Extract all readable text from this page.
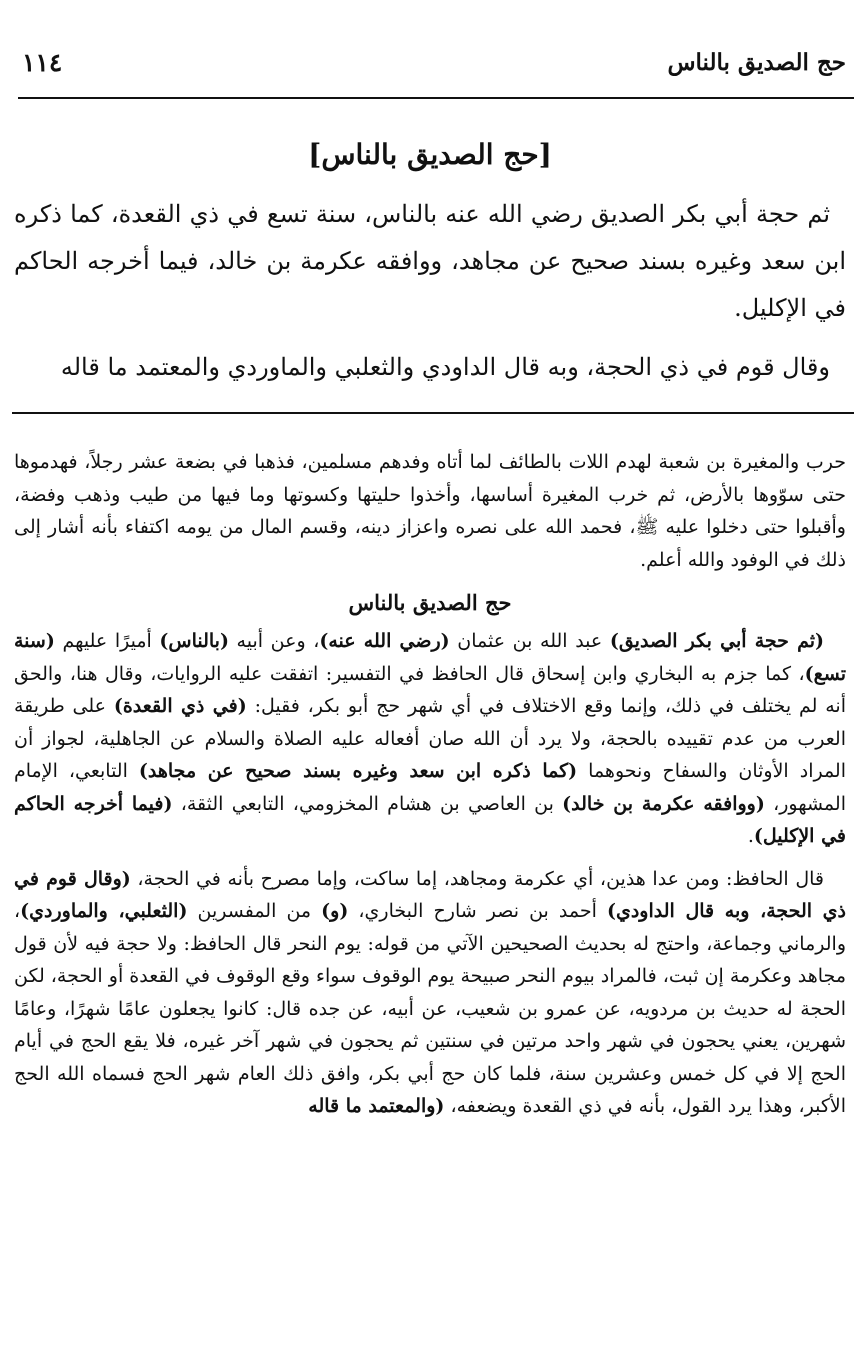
حج الصديق بالناس
١١٤
[حج الصديق بالناس]

ثم حجة أبي بكر الصديق رضي الله عنه بالناس، سنة تسع في ذي القعدة، كما ذكره ابن سعد وغيره بسند صحيح عن مجاهد، ووافقه عكرمة بن خالد، فيما أخرجه الحاكم في الإكليل.

وقال قوم في ذي الحجة، وبه قال الداودي والثعلبي والماوردي والمعتمد ما قاله

حرب والمغيرة بن شعبة لهدم اللات بالطائف لما أتاه وفدهم مسلمين، فذهبا في بضعة عشر رجلاً، فهدموها حتى سوّوها بالأرض، ثم خرب المغيرة أساسها، وأخذوا حليتها وكسوتها وما فيها من طيب وذهب وفضة، وأقبلوا حتى دخلوا عليه ﷺ، فحمد الله على نصره واعزاز دينه، وقسم المال من يومه اكتفاء بأنه أشار إلى ذلك في الوفود والله أعلم.

حج الصديق بالناس

(ثم حجة أبي بكر الصديق) عبد الله بن عثمان (رضي الله عنه)، وعن أبيه (بالناس) أميرًا عليهم (سنة تسع)، كما جزم به البخاري وابن إسحاق قال الحافظ في التفسير: اتفقت عليه الروايات، وقال هنا، والحق أنه لم يختلف في ذلك، وإنما وقع الاختلاف في أي شهر حج أبو بكر، فقيل: (في ذي القعدة) على طريقة العرب من عدم تقييده بالحجة، ولا يرد أن الله صان أفعاله عليه الصلاة والسلام عن الجاهلية، لجواز أن المراد الأوثان والسفاح ونحوهما (كما ذكره ابن سعد وغيره بسند صحيح عن مجاهد) التابعي، الإمام المشهور، (ووافقه عكرمة بن خالد) بن العاصي بن هشام المخزومي، التابعي الثقة، (فيما أخرجه الحاكم في الإكليل).

قال الحافظ: ومن عدا هذين، أي عكرمة ومجاهد، إما ساكت، وإما مصرح بأنه في الحجة، (وقال قوم في ذي الحجة، وبه قال الداودي) أحمد بن نصر شارح البخاري، (و) من المفسرين (الثعلبي، والماوردي)، والرماني وجماعة، واحتج له بحديث الصحيحين الآتي من قوله: يوم النحر قال الحافظ: ولا حجة فيه لأن قول مجاهد وعكرمة إن ثبت، فالمراد بيوم النحر صبيحة يوم الوقوف سواء وقع الوقوف في القعدة أو الحجة، لكن الحجة له حديث بن مردويه، عن عمرو بن شعيب، عن أبيه، عن جده قال: كانوا يجعلون عامًا شهرًا، وعامًا شهرين، يعني يحجون في شهر واحد مرتين في سنتين ثم يحجون في شهر آخر غيره، فلا يقع الحج في أيام الحج إلا في كل خمس وعشرين سنة، فلما كان حج أبي بكر، وافق ذلك العام شهر الحج فسماه الله الحج الأكبر، وهذا يرد القول، بأنه في ذي القعدة ويضعفه، (والمعتمد ما قاله
